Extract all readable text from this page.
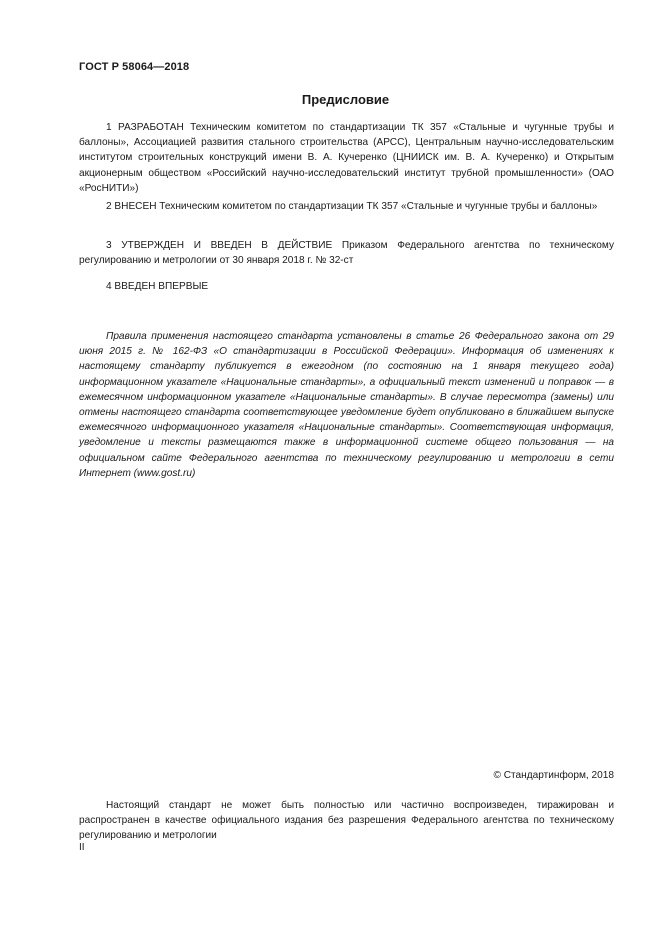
ГОСТ Р 58064—2018
Предисловие

1 РАЗРАБОТАН Техническим комитетом по стандартизации ТК 357 «Стальные и чугунные трубы и баллоны», Ассоциацией развития стального строительства (АРСС), Центральным научно-исследовательским институтом строительных конструкций имени В. А. Кучеренко (ЦНИИСК им. В. А. Кучеренко) и Открытым акционерным обществом «Российский научно-исследовательский институт трубной промышленности» (ОАО «РосНИТИ»)

2 ВНЕСЕН Техническим комитетом по стандартизации ТК 357 «Стальные и чугунные трубы и баллоны»

3 УТВЕРЖДЕН И ВВЕДЕН В ДЕЙСТВИЕ Приказом Федерального агентства по техническому регулированию и метрологии от 30 января 2018 г. № 32-ст

4 ВВЕДЕН ВПЕРВЫЕ

Правила применения настоящего стандарта установлены в статье 26 Федерального закона от 29 июня 2015 г. № 162-ФЗ «О стандартизации в Российской Федерации». Информация об изменениях к настоящему стандарту публикуется в ежегодном (по состоянию на 1 января текущего года) информационном указателе «Национальные стандарты», а официальный текст изменений и поправок — в ежемесячном информационном указателе «Национальные стандарты». В случае пересмотра (замены) или отмены настоящего стандарта соответствующее уведомление будет опубликовано в ближайшем выпуске ежемесячного информационного указателя «Национальные стандарты». Соответствующая информация, уведомление и тексты размещаются также в информационной системе общего пользования — на официальном сайте Федерального агентства по техническому регулированию и метрологии в сети Интернет (www.gost.ru)

© Стандартинформ, 2018

Настоящий стандарт не может быть полностью или частично воспроизведен, тиражирован и распространен в качестве официального издания без разрешения Федерального агентства по техническому регулированию и метрологии

II
